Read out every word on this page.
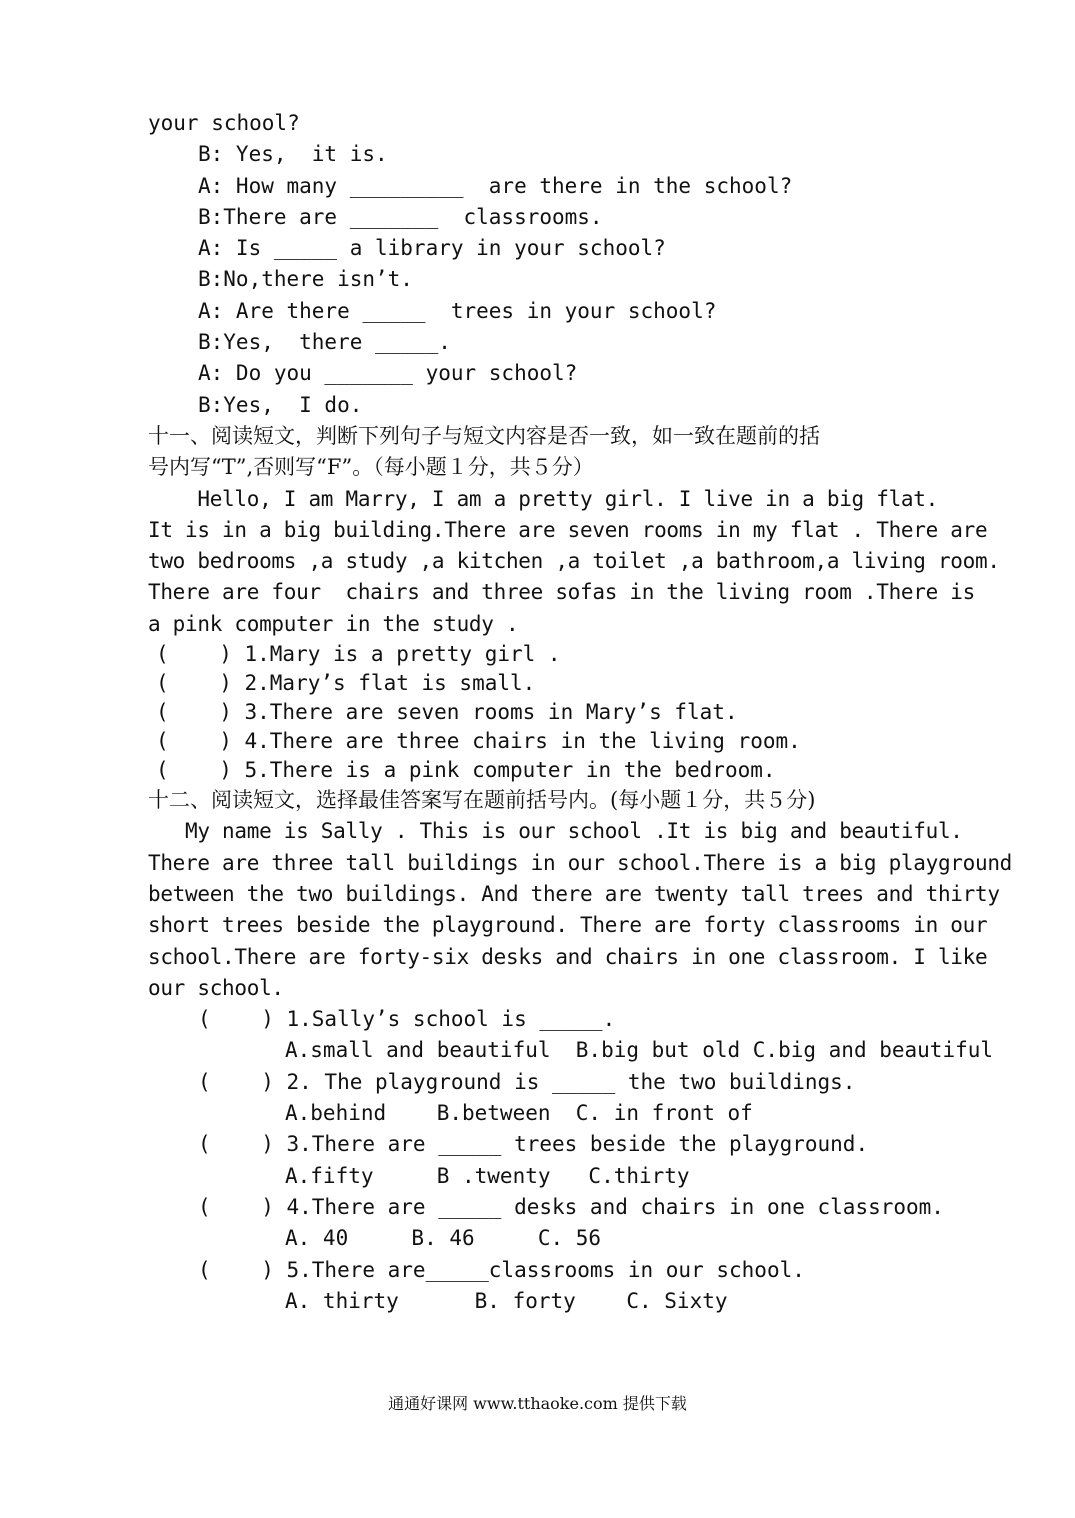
your school?
B: Yes,  it is.
A: How many _________  are there in the school?
B:There are _______  classrooms.
A: Is _____ a library in your school?
B:No,there isn’t.
A: Are there _____  trees in your school?
B:Yes,  there _____.
A: Do you _______ your school?
B:Yes,  I do.
十一、阅读短文，判断下列句子与短文内容是否一致，如一致在题前的括
号内写“T”,否则写“F”。（每小题１分，共５分）
Hello, I am Marry, I am a pretty girl. I live in a big flat.
It is in a big building.There are seven rooms in my flat . There are
two bedrooms ,a study ,a kitchen ,a toilet ,a bathroom,a living room.
There are four  chairs and three sofas in the living room .There is
a pink computer in the study .
(    ) 1.Mary is a pretty girl .
(    ) 2.Mary’s flat is small.
(    ) 3.There are seven rooms in Mary’s flat.
(    ) 4.There are three chairs in the living room.
(    ) 5.There is a pink computer in the bedroom.
十二、阅读短文，选择最佳答案写在题前括号内。(每小题１分，共５分)
My name is Sally . This is our school .It is big and beautiful.
There are three tall buildings in our school.There is a big playground
between the two buildings. And there are twenty tall trees and thirty
short trees beside the playground. There are forty classrooms in our
school.There are forty-six desks and chairs in one classroom. I like
our school.
(    ) 1.Sally’s school is _____.
A.small and beautiful  B.big but old C.big and beautiful
(    ) 2. The playground is _____ the two buildings.
A.behind    B.between  C. in front of
(    ) 3.There are _____ trees beside the playground.
A.fifty     B .twenty   C.thirty
(    ) 4.There are _____ desks and chairs in one classroom.
A. 40     B. 46     C. 56
(    ) 5.There are_____classrooms in our school.
A. thirty      B. forty    C. Sixty
通通好课网 www.tthaoke.com 提供下载
